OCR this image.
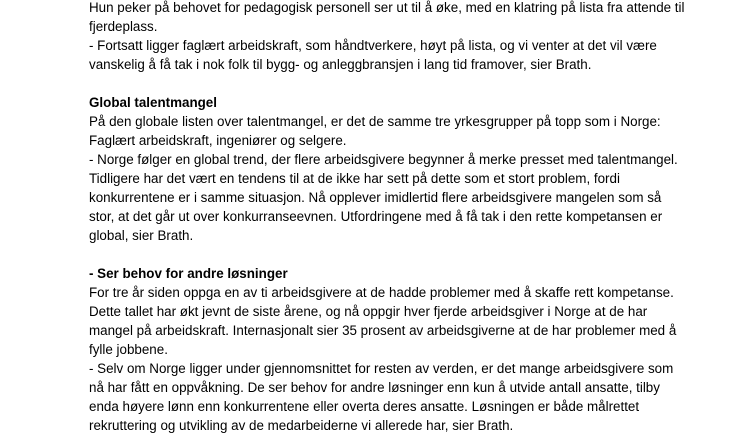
Hun peker på behovet for pedagogisk personell ser ut til å øke, med en klatring på lista fra attende til
fjerdeplass.
- Fortsatt ligger faglært arbeidskraft, som håndtverkere, høyt på lista, og vi venter at det vil være
vanskelig å få tak i nok folk til bygg- og anleggbransjen i lang tid framover, sier Brath.
Global talentmangel
På den globale listen over talentmangel, er det de samme tre yrkesgrupper på topp som i Norge:
Faglært arbeidskraft, ingeniører og selgere.
- Norge følger en global trend, der flere arbeidsgivere begynner å merke presset med talentmangel.
Tidligere har det vært en tendens til at de ikke har sett på dette som et stort problem, fordi
konkurrentene er i samme situasjon. Nå opplever imidlertid flere arbeidsgivere mangelen som så
stor, at det går ut over konkurranseevnen. Utfordringene med å få tak i den rette kompetansen er
global, sier Brath.
- Ser behov for andre løsninger
For tre år siden oppga en av ti arbeidsgivere at de hadde problemer med å skaffe rett kompetanse.
Dette tallet har økt jevnt de siste årene, og nå oppgir hver fjerde arbeidsgiver i Norge at de har
mangel på arbeidskraft. Internasjonalt sier 35 prosent av arbeidsgiverne at de har problemer med å
fylle jobbene.
- Selv om Norge ligger under gjennomsnittet for resten av verden, er det mange arbeidsgivere som
nå har fått en oppvåkning. De ser behov for andre løsninger enn kun å utvide antall ansatte, tilby
enda høyere lønn enn konkurrentene eller overta deres ansatte. Løsningen er både målrettet
rekruttering og utvikling av de medarbeiderne vi allerede har, sier Brath.
